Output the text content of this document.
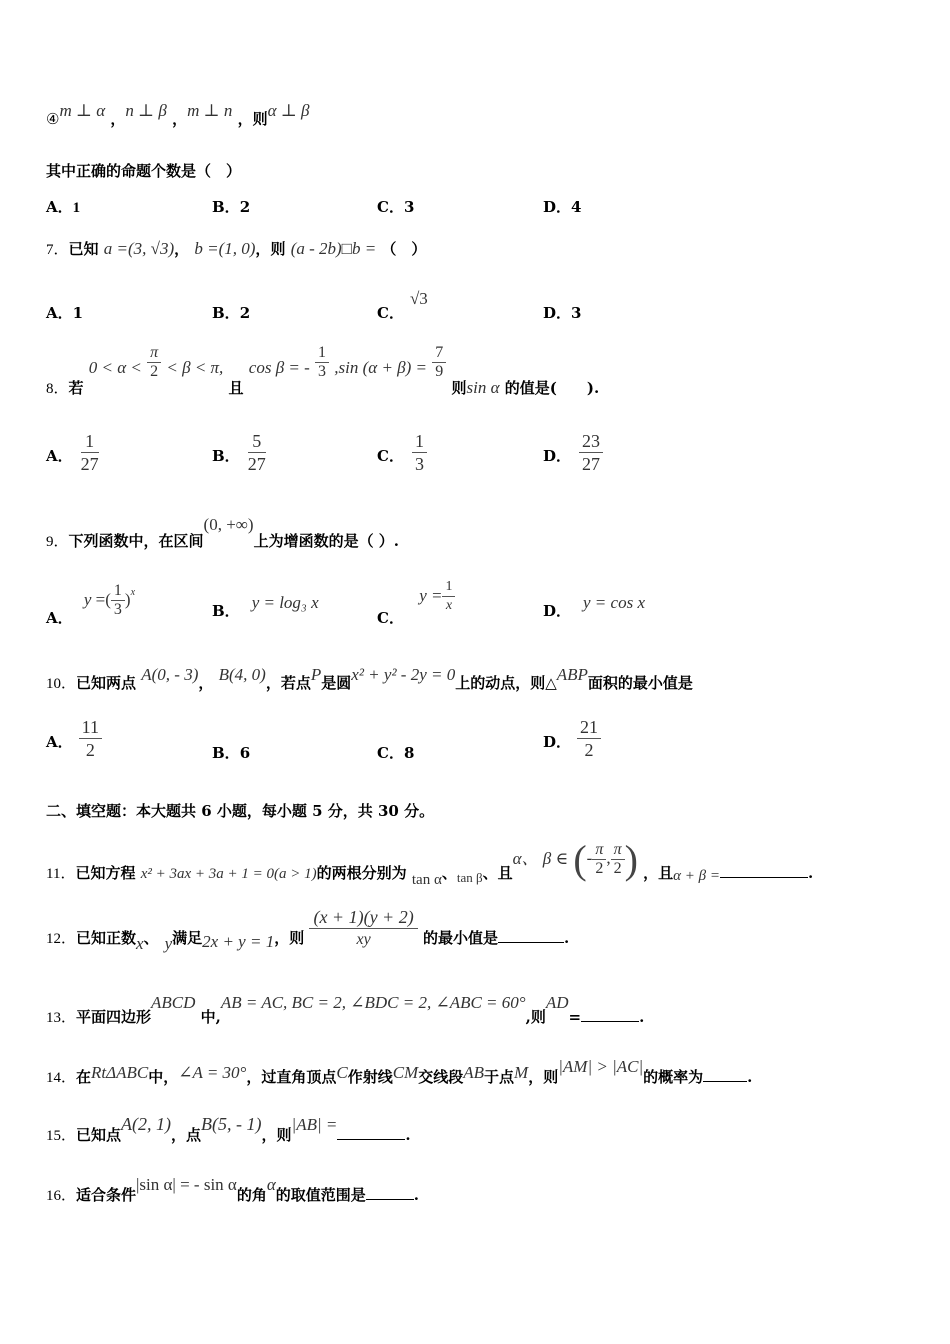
④m ⊥ α ，n ⊥ β ，m ⊥ n ，则α ⊥ β
其中正确的命题个数是（　）
A．1	B．2	C．3	D．4
7．已知 a =(3, √3)， b =(1, 0)，则 (a - 2b)□b = （　）
A．1	B．2	C．√3
D．3
8．若 $0 < \alpha < \frac{\pi}{2} < \beta < \pi$, 且 cos β = - $\frac{1}{3} ,\sin$ $(\alpha + \beta) = \frac{7}{9}$
则sin α 的值是(　　).
A． $\frac{1}{27}$	B． $\frac{5}{27}$	C． $\frac{1}{3}$	D． $\frac{23}{27}$
9．下列函数中，在区间(0, +∞)上为增函数的是（ ）.
A． y =( $\frac{1}{3} )^x$
B． y = log₃ x
C． $y = \frac{1}{x}$	D． y = cos x
10．已知两点 A(0, - 3)， B(4, 0)，若点P是圆x² + y² - 2y = 0上的动点，则△ABP面积的最小值是
A． $\frac{11}{2}$	B．6	C．8
D． $\frac{21}{2}$
二、填空题：本大题共 6 小题，每小题 5 分，共 30 分。
11．已知方程 x² + 3ax + 3a + 1 = 0(a > 1)的两根分别为 tan α、tan β、且α、 β ∈ (- $\frac{\pi}{2}$ , $\frac{\pi}{2}$ ) ，且α + β =	.
12．已知正数x、 y满足2x + y = 1，则 $\frac{(x + 1)(y + 2)}{xy}$ 的最小值是	.
13．平面四边形ABCD 中,AB = AC, BC = 2, ∠BDC = 2, ∠ABC = 60°,则AD=	.
14．在RtΔABC中，∠A = 30°，过直角顶点C作射线CM交线段AB于点M，则|AM| > |AC|的概率为	.
15．已知点A(2, 1)，点B(5, - 1)，则|AB| =.
16．适合条件|sin α| = - sin α的角α的取值范围是	.
